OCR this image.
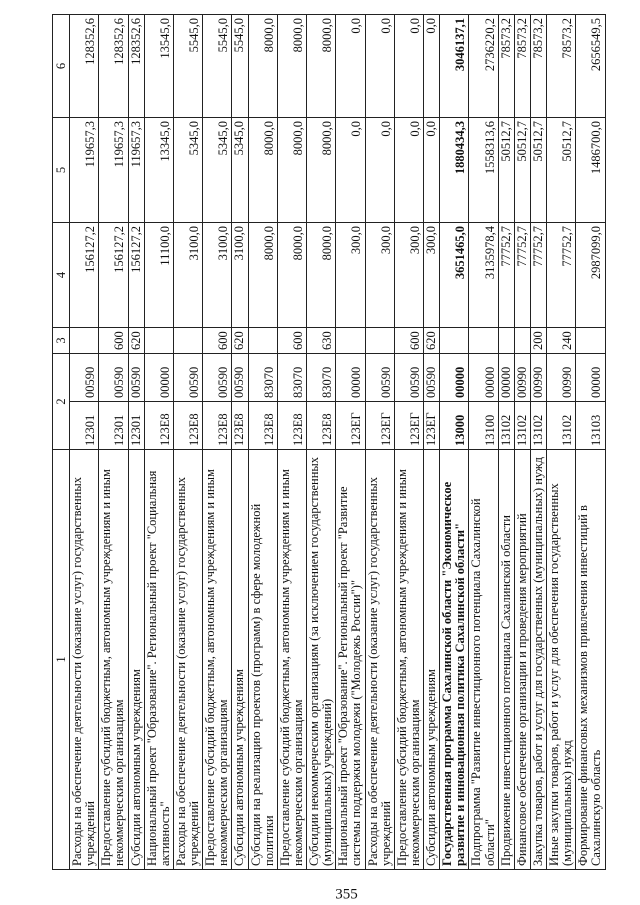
355
1	2		3	4	5	6
Расходы на обеспечение деятельности (оказание услуг) государственных учреждений	12301	00590		156127,2	119657,3	128352,6
Предоставление субсидий бюджетным, автономным учреждениям и иным некоммерческим организациям	12301	00590	600	156127,2	119657,3	128352,6
Субсидии автономным учреждениям	12301	00590	620	156127,2	119657,3	128352,6
Национальный проект "Образование". Региональный проект "Социальная активность"	123Е8	00000		11100,0	13345,0	13545,0
Расходы на обеспечение деятельности (оказание услуг) государственных учреждений	123Е8	00590		3100,0	5345,0	5545,0
Предоставление субсидий бюджетным, автономным учреждениям и иным некоммерческим организациям	123Е8	00590	600	3100,0	5345,0	5545,0
Субсидии автономным учреждениям	123Е8	00590	620	3100,0	5345,0	5545,0
Субсидии на реализацию проектов (программ) в сфере молодежной политики	123Е8	83070		8000,0	8000,0	8000,0
Предоставление субсидий бюджетным, автономным учреждениям и иным некоммерческим организациям	123Е8	83070	600	8000,0	8000,0	8000,0
Субсидии некоммерческим организациям (за исключением государственных (муниципальных) учреждений)	123Е8	83070	630	8000,0	8000,0	8000,0
Национальный проект "Образование". Региональный проект "Развитие системы поддержки молодежи ("Молодежь России")"	123ЕГ	00000		300,0	0,0	0,0
Расходы на обеспечение деятельности (оказание услуг) государственных учреждений	123ЕГ	00590		300,0	0,0	0,0
Предоставление субсидий бюджетным, автономным учреждениям и иным некоммерческим организациям	123ЕГ	00590	600	300,0	0,0	0,0
Субсидии автономным учреждениям	123ЕГ	00590	620	300,0	0,0	0,0
Государственная программа Сахалинской области "Экономическое развитие и инновационная политика Сахалинской области"	13000	00000		3651465,0	1880434,3	3046137,1
Подпрограмма "Развитие инвестиционного потенциала Сахалинской области"	13100	00000		3135978,4	1558313,6	2736220,2
Продвижение инвестиционного потенциала Сахалинской области	13102	00000		77752,7	50512,7	78573,2
Финансовое обеспечение организации и проведения мероприятий	13102	00990		77752,7	50512,7	78573,2
Закупка товаров, работ и услуг для государственных (муниципальных) нужд	13102	00990	200	77752,7	50512,7	78573,2
Иные закупки товаров, работ и услуг для обеспечения государственных (муниципальных) нужд	13102	00990	240	77752,7	50512,7	78573,2
Формирование финансовых механизмов привлечения инвестиций в Сахалинскую область	13103	00000		2987099,0	1486700,0	2656549,5
